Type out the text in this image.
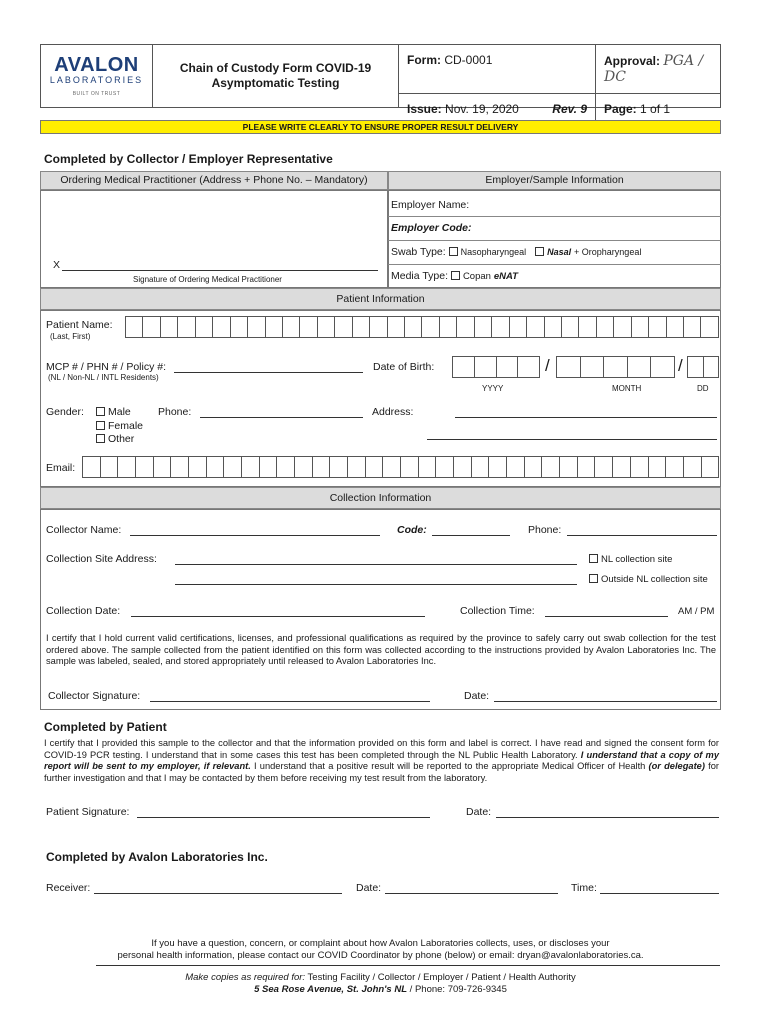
AVALON
LABORATORIES
BUILT ON TRUST
Chain of Custody Form COVID-19
Asymptomatic Testing
Form: CD-0001	Approval: PGA / DC
Issue: Nov. 19, 2020	Rev. 9	Page: 1 of 1
PLEASE WRITE CLEARLY TO ENSURE PROPER RESULT DELIVERY
Completed by Collector / Employer Representative
Ordering Medical Practitioner (Address + Phone No. – Mandatory)	Employer/Sample Information
X
Signature of Ordering Medical Practitioner
Employer Name:
Employer Code:
Swab Type: Nasopharyngeal Nasal + Oropharyngeal
Media Type: Copan eNAT
Patient Information
Patient Name:
(Last, First)
MCP # / PHN # / Policy #:
(NL / Non-NL / INTL Residents)
Date of Birth:	/	/
YYYY	MONTH	DD
Gender:	Male
Female
Other
Phone:	Address:
Email:
Collection Information
Collector Name:	Code:	Phone:
Collection Site Address:	NL collection site
Outside NL collection site
Collection Date:	Collection Time:	AM / PM
I certify that I hold current valid certifications, licenses, and professional qualifications as required by the province to safely carry out swab collection for the test ordered above. The sample collected from the patient identified on this form was collected according to the instructions provided by Avalon Laboratories Inc. The sample was labeled, sealed, and stored appropriately until released to Avalon Laboratories Inc.
Collector Signature:	Date:
Completed by Patient
I certify that I provided this sample to the collector and that the information provided on this form and label is correct. I have read and signed the consent form for COVID-19 PCR testing. I understand that in some cases this test has been completed through the NL Public Health Laboratory. I understand that a copy of my report will be sent to my employer, if relevant. I understand that a positive result will be reported to the appropriate Medical Officer of Health (or delegate) for further investigation and that I may be contacted by them before receiving my test result from the laboratory.
Patient Signature:	Date:
Completed by Avalon Laboratories Inc.
Receiver:	Date:	Time:
If you have a question, concern, or complaint about how Avalon Laboratories collects, uses, or discloses your
personal health information, please contact our COVID Coordinator by phone (below) or email: dryan@avalonlaboratories.ca.
Make copies as required for: Testing Facility / Collector / Employer / Patient / Health Authority
5 Sea Rose Avenue, St. John's NL / Phone: 709-726-9345
